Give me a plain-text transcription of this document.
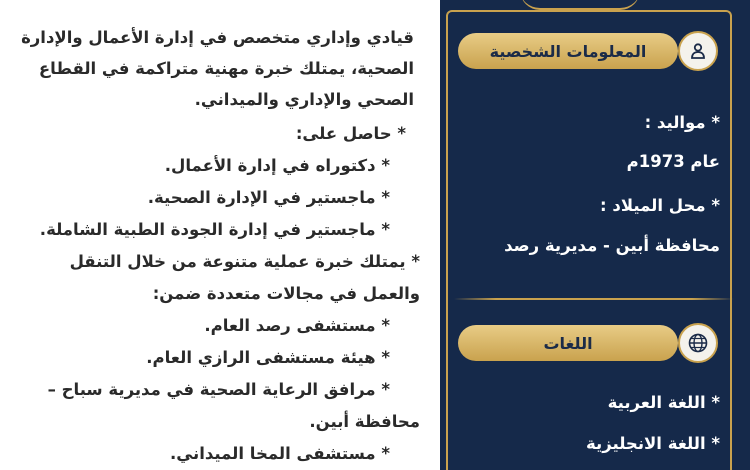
قيادي وإداري متخصص في إدارة الأعمال والإدارة الصحية، يمتلك خبرة مهنية متراكمة في القطاع الصحي والإداري والميداني.
* حاصل على:
* دكتوراه في إدارة الأعمال.
* ماجستير في الإدارة الصحية.
* ماجستير في إدارة الجودة الطبية الشاملة.
* يمتلك خبرة عملية متنوعة من خلال التنقل
والعمل في مجالات متعددة ضمن:
* مستشفى رصد العام.
* هيئة مستشفى الرازي العام.
* مرافق الرعاية الصحية في مديرية سباح –
محافظة أبين.
* مستشفى المخا الميداني.
المعلومات الشخصية
* مواليد :
عام 1973م
* محل الميلاد :
محافظة أبين - مديرية رصد
اللغات
* اللغة العربية
* اللغة الانجليزية
